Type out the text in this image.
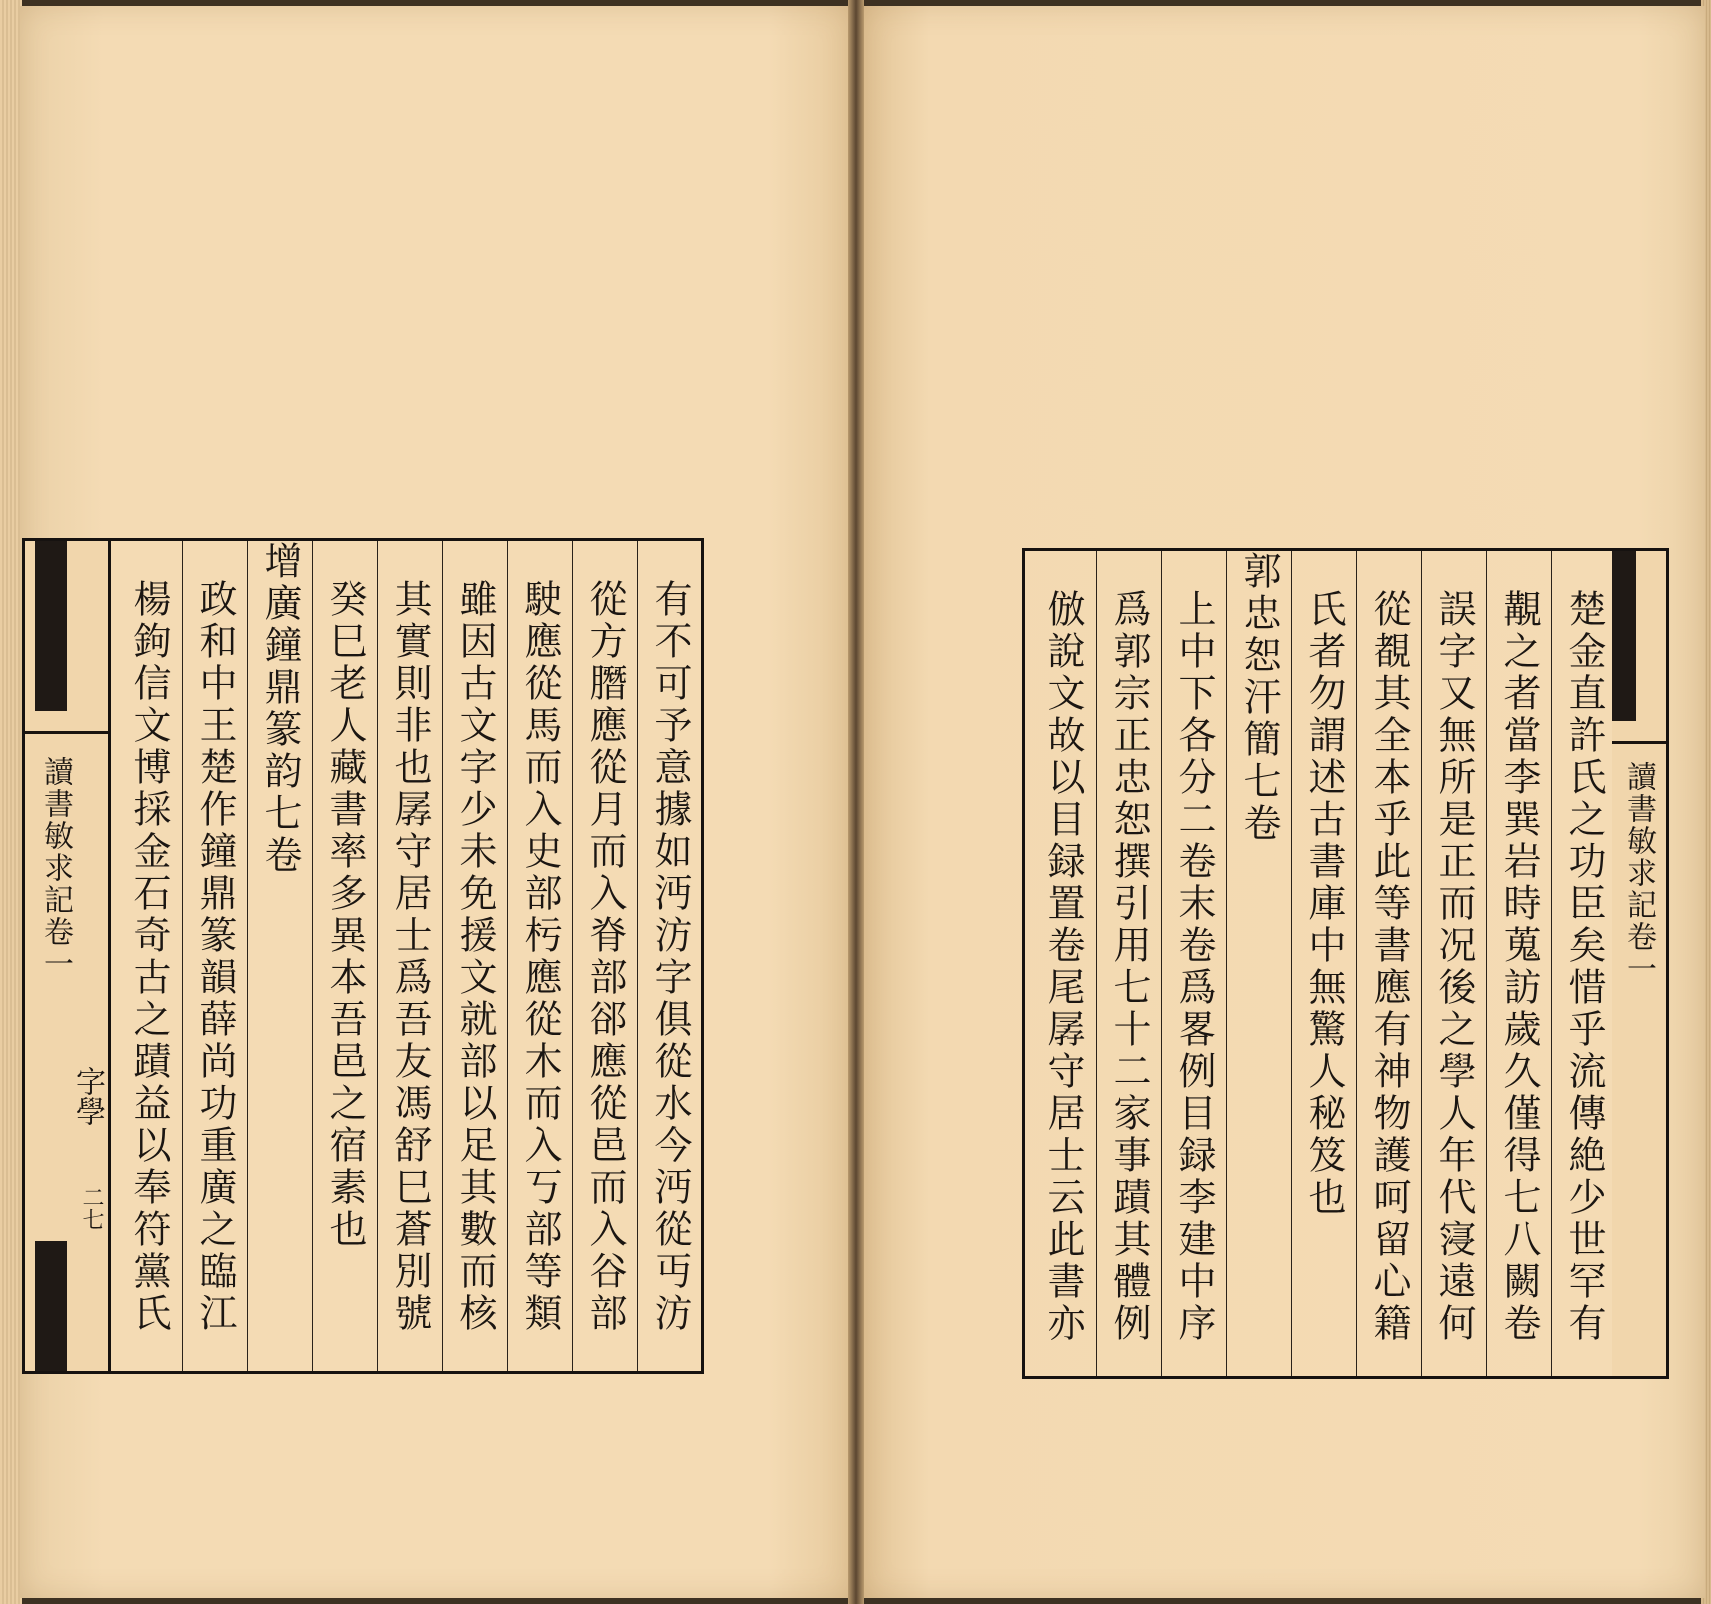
讀書敏求記卷一
字學
二七	有不可予意據如沔汸字俱從水今沔從丏汸
從方䐶應從月而入脊部郤應從邑而入谷部
駛應從馬而入史部杇應從木而入丂部等類
雖因古文字少未免援文就部以足其數而核
其實則非也孱守居士爲吾友馮舒巳蒼別號
癸巳老人藏書率多異本吾邑之宿素也
增廣鐘鼎篆韵七卷
政和中王楚作鐘鼎篆韻薛尚功重廣之臨江
楊鉤信文博採金石奇古之蹟益以奉符黨氏	楚金直許氏之功臣矣惜乎流傳絶少世罕有
覯之者當李巽岩時蒐訪歲久僅得七八闕卷
誤字又無所是正而况後之學人年代寖遠何
從覩其全本乎此等書應有神物護呵留心籍
氏者勿謂述古書庫中無驚人秘笈也
郭忠恕汗簡七卷
上中下各分二卷末卷爲畧例目録李建中序
爲郭宗正忠恕撰引用七十二家事蹟其體例
倣說文故以目録置卷尾孱守居士云此書亦	讀書敏求記卷一
